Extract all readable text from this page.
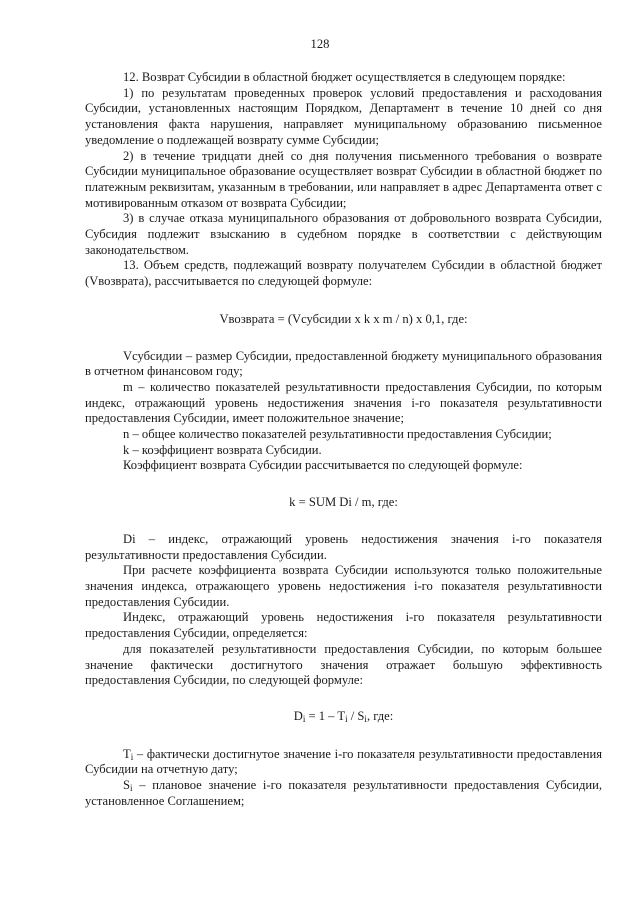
128

12. Возврат Субсидии в областной бюджет осуществляется в следующем порядке:

1) по результатам проведенных проверок условий предоставления и расходования Субсидии, установленных настоящим Порядком, Департамент в течение 10 дней со дня установления факта нарушения, направляет муниципальному образованию письменное уведомление о подлежащей возврату сумме Субсидии;

2) в течение тридцати дней со дня получения письменного требования о возврате Субсидии муниципальное образование осуществляет возврат Субсидии в областной бюджет по платежным реквизитам, указанным в требовании, или направляет в адрес Департамента ответ с мотивированным отказом от возврата Субсидии;

3) в случае отказа муниципального образования от добровольного возврата Субсидии, Субсидия подлежит взысканию в судебном порядке в соответствии с действующим законодательством.

13. Объем средств, подлежащий возврату получателем Субсидии в областной бюджет (Vвозврата), рассчитывается по следующей формуле:

Vвозврата = (Vсубсидии x k x m / n) x 0,1, где:

Vсубсидии – размер Субсидии, предоставленной бюджету муниципального образования в отчетном финансовом году;

m – количество показателей результативности предоставления Субсидии, по которым индекс, отражающий уровень недостижения значения i-го показателя результативности предоставления Субсидии, имеет положительное значение;

n – общее количество показателей результативности предоставления Субсидии;

k – коэффициент возврата Субсидии.

Коэффициент возврата Субсидии рассчитывается по следующей формуле:

k = SUM Di / m, где:

Di – индекс, отражающий уровень недостижения значения i-го показателя результативности предоставления Субсидии.

При расчете коэффициента возврата Субсидии используются только положительные значения индекса, отражающего уровень недостижения i-го показателя результативности предоставления Субсидии.

Индекс, отражающий уровень недостижения i-го показателя результативности предоставления Субсидии, определяется:

для показателей результативности предоставления Субсидии, по которым большее значение фактически достигнутого значения отражает большую эффективность предоставления Субсидии, по следующей формуле:

$D_i = 1 - T_i / S_i$, где:

$T_i$ – фактически достигнутое значение i-го показателя результативности предоставления Субсидии на отчетную дату;

$S_i$ – плановое значение i-го показателя результативности предоставления Субсидии, установленное Соглашением;
